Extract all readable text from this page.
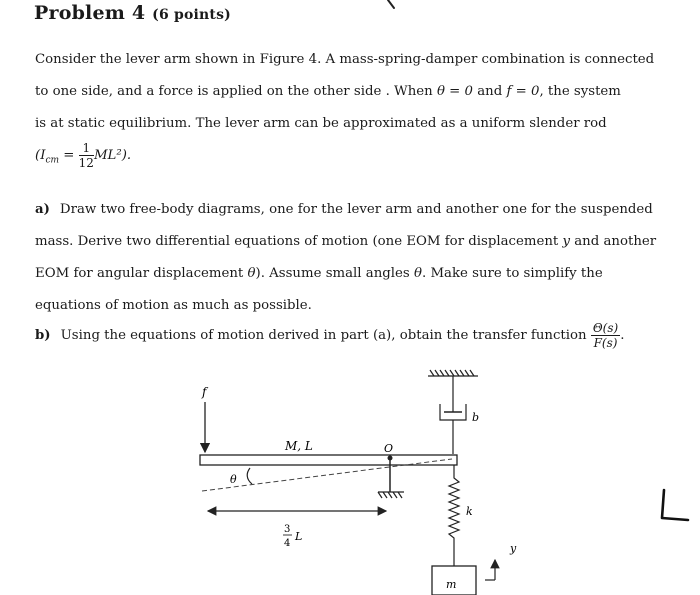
Problem 4 (6 points)
Consider the lever arm shown in Figure 4. A mass-spring-damper combination is connected
to one side, and a force is applied on the other side . When θ = 0 and f = 0, the system
is at static equilibrium. The lever arm can be approximated as a uniform slender rod
$(I_{cm} = \frac{1}{12} ML^2)$.
a) Draw two free-body diagrams, one for the lever arm and another one for the suspended
mass. Derive two differential equations of motion (one EOM for displacement y and another
EOM for angular displacement θ). Assume small angles θ. Make sure to simplify the
equations of motion as much as possible.
b) Using the equations of motion derived in part (a), obtain the transfer function $\frac{\Theta(s)}{F(s)}$ .
b
f
M, L	O
θ
3
4
L
k
m
y
